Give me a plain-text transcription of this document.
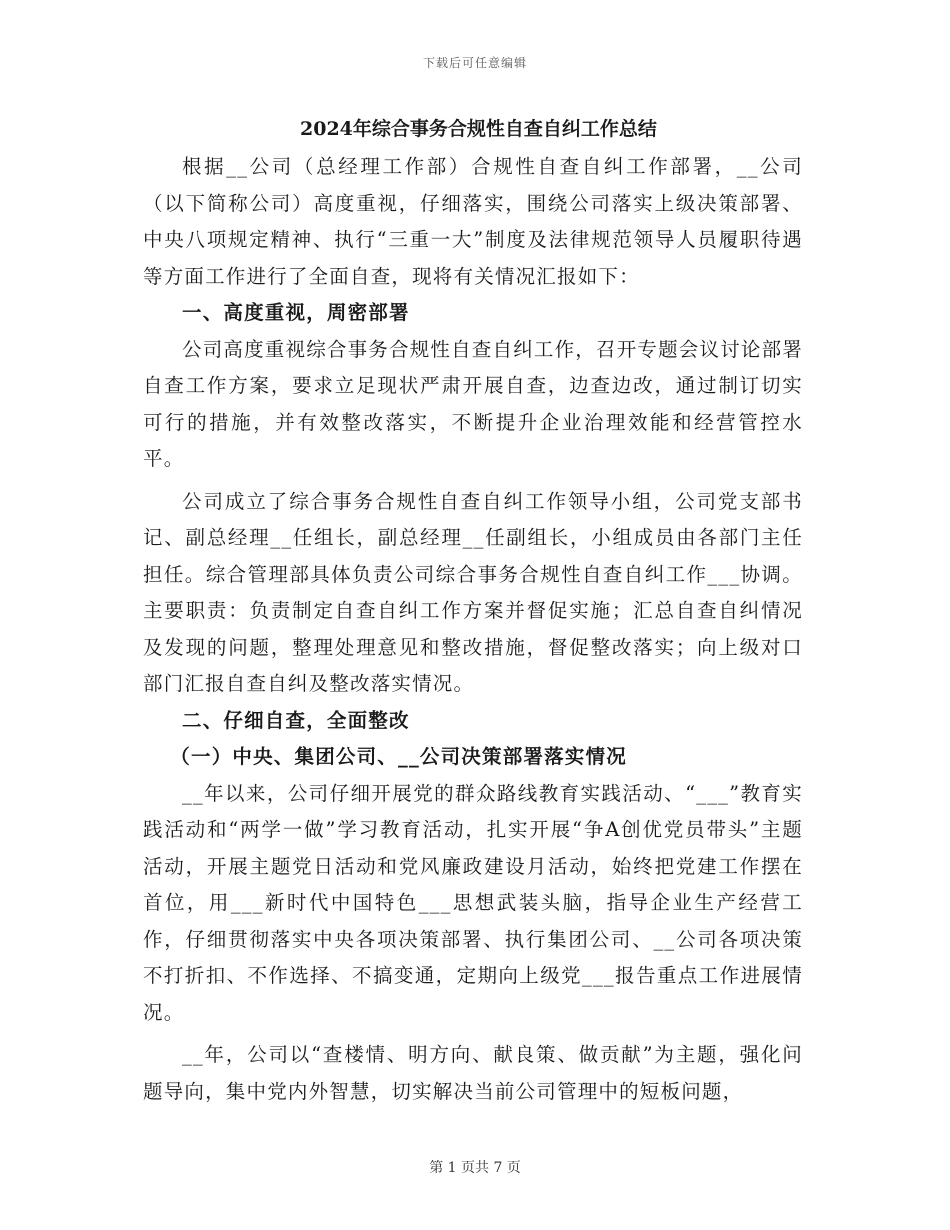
下载后可任意编辑
2024年综合事务合规性自查自纠工作总结

根据__公司（总经理工作部）合规性自查自纠工作部署，__公司（以下简称公司）高度重视，仔细落实，围绕公司落实上级决策部署、中央八项规定精神、执行“三重一大”制度及法律规范领导人员履职待遇等方面工作进行了全面自查，现将有关情况汇报如下：

一、高度重视，周密部署

公司高度重视综合事务合规性自查自纠工作，召开专题会议讨论部署自查工作方案，要求立足现状严肃开展自查，边查边改，通过制订切实可行的措施，并有效整改落实，不断提升企业治理效能和经营管控水平。

公司成立了综合事务合规性自查自纠工作领导小组，公司党支部书记、副总经理__任组长，副总经理__任副组长，小组成员由各部门主任担任。综合管理部具体负责公司综合事务合规性自查自纠工作___协调。主要职责：负责制定自查自纠工作方案并督促实施；汇总自查自纠情况及发现的问题，整理处理意见和整改措施，督促整改落实；向上级对口部门汇报自查自纠及整改落实情况。

二、仔细自查，全面整改
（一）中央、集团公司、__公司决策部署落实情况

__年以来，公司仔细开展党的群众路线教育实践活动、“___”教育实践活动和“两学一做”学习教育活动，扎实开展“争A创优党员带头”主题活动，开展主题党日活动和党风廉政建设月活动，始终把党建工作摆在首位，用___新时代中国特色___思想武装头脑，指导企业生产经营工作，仔细贯彻落实中央各项决策部署、执行集团公司、__公司各项决策不打折扣、不作选择、不搞变通，定期向上级党___报告重点工作进展情况。

__年，公司以“查楼情、明方向、献良策、做贡献”为主题，强化问题导向，集中党内外智慧，切实解决当前公司管理中的短板问题，

第 1 页共 7 页
